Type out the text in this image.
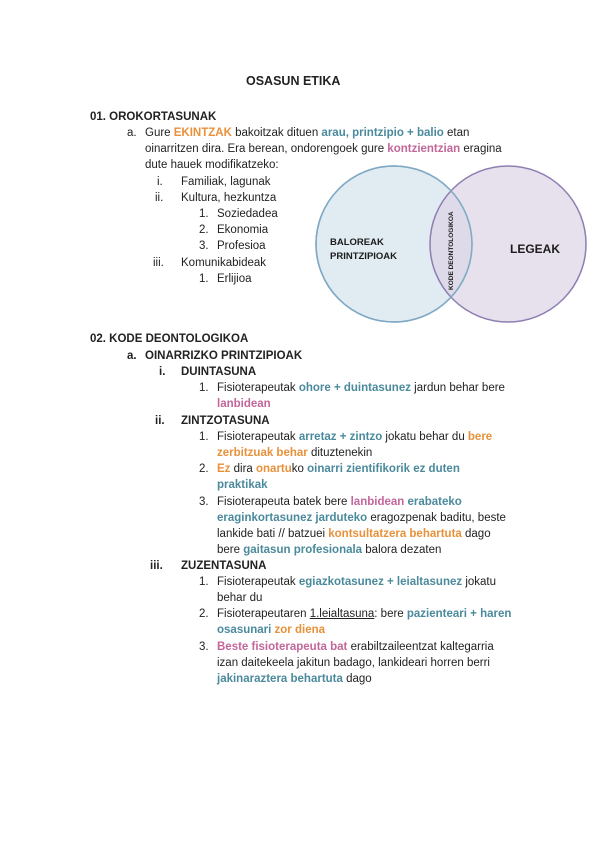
OSASUN ETIKA
01. OROKORTASUNAK
a. Gure EKINTZAK bakoitzak dituen arau, printzipio + balio etan
oinarritzen dira. Era berean, ondorengoek gure kontzientzian eragina
dute hauek modifikatzeko:
i. Familiak, lagunak
ii. Kultura, hezkuntza
1. Soziedadea
2. Ekonomia
3. Profesioa
iii. Komunikabideak
1. Erlijioa
BALOREAK
PRINTZIPIOAK
LEGEAK
KODE DEONTOLOGIKOA
02. KODE DEONTOLOGIKOA
a. OINARRIZKO PRINTZIPIOAK
i. DUINTASUNA
1. Fisioterapeutak ohore + duintasunez jardun behar bere
lanbidean
ii. ZINTZOTASUNA
1. Fisioterapeutak arretaz + zintzo jokatu behar du bere
zerbitzuak behar dituztenekin
2. Ez dira onartuko oinarri zientifikorik ez duten
praktikak
3. Fisioterapeuta batek bere lanbidean erabateko
eraginkortasunez jarduteko eragozpenak baditu, beste
lankide bati // batzuei kontsultatzera behartuta dago
bere gaitasun profesionala balora dezaten
iii. ZUZENTASUNA
1. Fisioterapeutak egiazkotasunez + leialtasunez jokatu
behar du
2. Fisioterapeutaren 1.leialtasuna: bere pazienteari + haren
osasunari zor diena
3. Beste fisioterapeuta bat erabiltzaileentzat kaltegarria
izan daitekeela jakitun badago, lankideari horren berri
jakinaraztera behartuta dago
